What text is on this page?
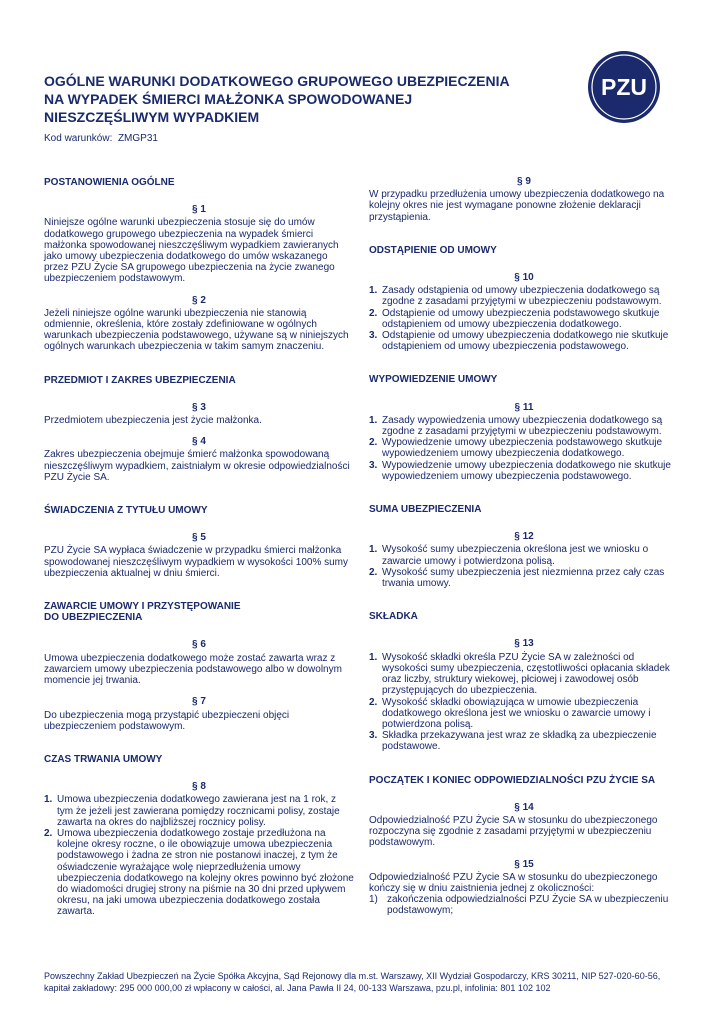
OGÓLNE WARUNKI DODATKOWEGO GRUPOWEGO UBEZPIECZENIA
NA WYPADEK ŚMIERCI MAŁŻONKA SPOWODOWANEJ
NIESZCZĘŚLIWYM WYPADKIEM
Kod warunków: ZMGP31
PZU
POSTANOWIENIA OGÓLNE
§ 1

Niniejsze ogólne warunki ubezpieczenia stosuje się do umów dodatkowego grupowego ubezpieczenia na wypadek śmierci małżonka spowodowanej nieszczęśliwym wypadkiem zawieranych jako umowy ubezpieczenia dodatkowego do umów wskazanego przez PZU Życie SA grupowego ubezpieczenia na życie zwanego ubezpieczeniem podstawowym.

§ 2

Jeżeli niniejsze ogólne warunki ubezpieczenia nie stanowią odmiennie, określenia, które zostały zdefiniowane w ogólnych warunkach ubezpieczenia podstawowego, używane są w niniejszych ogólnych warunkach ubezpieczenia w takim samym znaczeniu.

PRZEDMIOT I ZAKRES UBEZPIECZENIA
§ 3

Przedmiotem ubezpieczenia jest życie małżonka.

§ 4

Zakres ubezpieczenia obejmuje śmierć małżonka spowodowaną nieszczęśliwym wypadkiem, zaistniałym w okresie odpowiedzialności PZU Życie SA.

ŚWIADCZENIA Z TYTUŁU UMOWY
§ 5

PZU Życie SA wypłaca świadczenie w przypadku śmierci małżonka spowodowanej nieszczęśliwym wypadkiem w wysokości 100% sumy ubezpieczenia aktualnej w dniu śmierci.

ZAWARCIE UMOWY I PRZYSTĘPOWANIE
DO UBEZPIECZENIA
§ 6

Umowa ubezpieczenia dodatkowego może zostać zawarta wraz z zawarciem umowy ubezpieczenia podstawowego albo w dowolnym momencie jej trwania.

§ 7

Do ubezpieczenia mogą przystąpić ubezpieczeni objęci ubezpieczeniem podstawowym.

CZAS TRWANIA UMOWY
§ 8
1. Umowa ubezpieczenia dodatkowego zawierana jest na 1 rok, z tym że jeżeli jest zawierana pomiędzy rocznicami polisy, zostaje zawarta na okres do najbliższej rocznicy polisy.
2. Umowa ubezpieczenia dodatkowego zostaje przedłużona na kolejne okresy roczne, o ile obowiązuje umowa ubezpieczenia podstawowego i żadna ze stron nie postanowi inaczej, z tym że oświadczenie wyrażające wolę nieprzedłużenia umowy ubezpieczenia dodatkowego na kolejny okres powinno być złożone do wiadomości drugiej strony na piśmie na 30 dni przed upływem okresu, na jaki umowa ubezpieczenia dodatkowego została zawarta.
§ 9

W przypadku przedłużenia umowy ubezpieczenia dodatkowego na kolejny okres nie jest wymagane ponowne złożenie deklaracji przystąpienia.

ODSTĄPIENIE OD UMOWY
§ 10
1. Zasady odstąpienia od umowy ubezpieczenia dodatkowego są zgodne z zasadami przyjętymi w ubezpieczeniu podstawowym.
2. Odstąpienie od umowy ubezpieczenia podstawowego skutkuje odstąpieniem od umowy ubezpieczenia dodatkowego.
3. Odstąpienie od umowy ubezpieczenia dodatkowego nie skutkuje odstąpieniem od umowy ubezpieczenia podstawowego.
WYPOWIEDZENIE UMOWY
§ 11
1. Zasady wypowiedzenia umowy ubezpieczenia dodatkowego są zgodne z zasadami przyjętymi w ubezpieczeniu podstawowym.
2. Wypowiedzenie umowy ubezpieczenia podstawowego skutkuje wypowiedzeniem umowy ubezpieczenia dodatkowego.
3. Wypowiedzenie umowy ubezpieczenia dodatkowego nie skutkuje wypowiedzeniem umowy ubezpieczenia podstawowego.
SUMA UBEZPIECZENIA
§ 12
1. Wysokość sumy ubezpieczenia określona jest we wniosku o zawarcie umowy i potwierdzona polisą.
2. Wysokość sumy ubezpieczenia jest niezmienna przez cały czas trwania umowy.
SKŁADKA
§ 13
1. Wysokość składki określa PZU Życie SA w zależności od wysokości sumy ubezpieczenia, częstotliwości opłacania składek oraz liczby, struktury wiekowej, płciowej i zawodowej osób przystępujących do ubezpieczenia.
2. Wysokość składki obowiązująca w umowie ubezpieczenia dodatkowego określona jest we wniosku o zawarcie umowy i potwierdzona polisą.
3. Składka przekazywana jest wraz ze składką za ubezpieczenie podstawowe.
POCZĄTEK I KONIEC ODPOWIEDZIALNOŚCI PZU ŻYCIE SA
§ 14

Odpowiedzialność PZU Życie SA w stosunku do ubezpieczonego rozpoczyna się zgodnie z zasadami przyjętymi w ubezpieczeniu podstawowym.

§ 15

Odpowiedzialność PZU Życie SA w stosunku do ubezpieczonego kończy się w dniu zaistnienia jednej z okoliczności:

1) zakończenia odpowiedzialności PZU Życie SA w ubezpieczeniu podstawowym;
Powszechny Zakład Ubezpieczeń na Życie Spółka Akcyjna, Sąd Rejonowy dla m.st. Warszawy, XII Wydział Gospodarczy, KRS 30211, NIP 527-020-60-56,
kapitał zakładowy: 295 000 000,00 zł wpłacony w całości, al. Jana Pawła II 24, 00-133 Warszawa, pzu.pl, infolinia: 801 102 102
